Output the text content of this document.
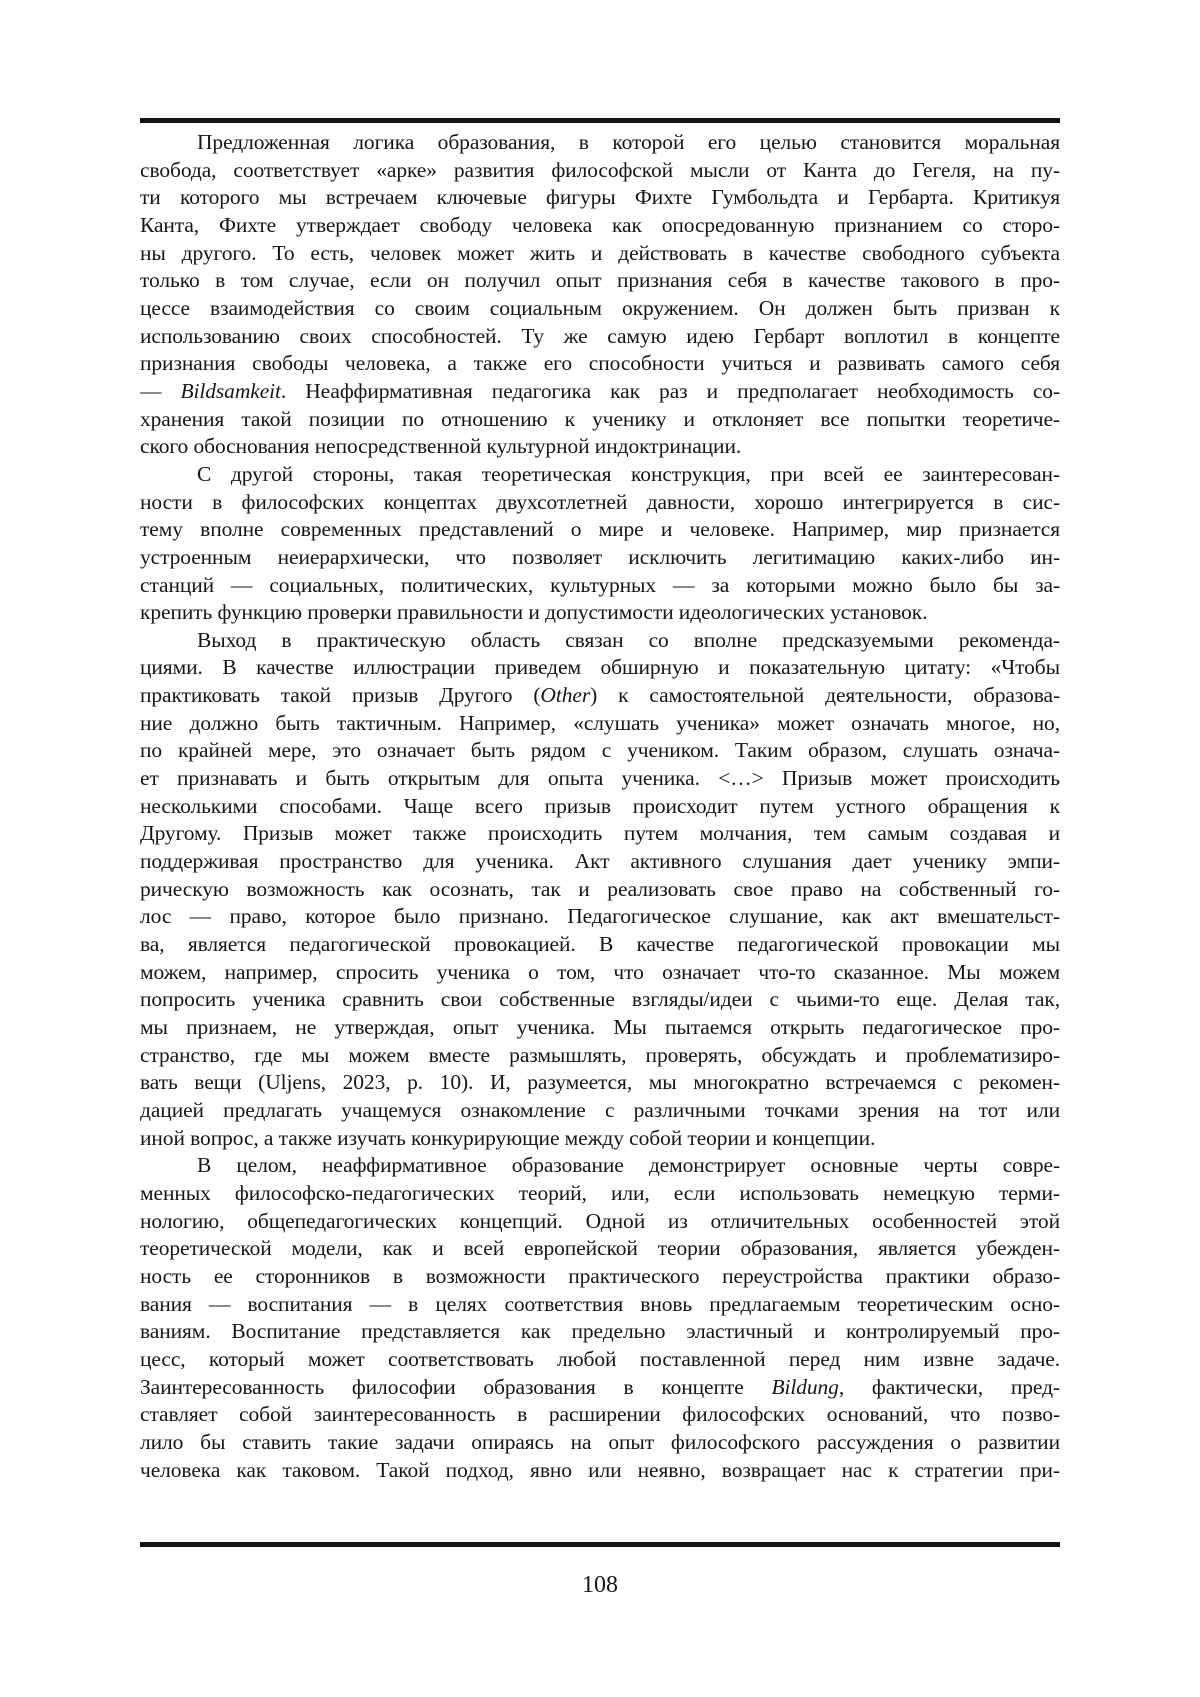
Предложенная логика образования, в которой его целью становится моральная
свобода, соответствует «арке» развития философской мысли от Канта до Гегеля, на пу-
ти которого мы встречаем ключевые фигуры Фихте Гумбольдта и Гербарта. Критикуя
Канта, Фихте утверждает свободу человека как опосредованную признанием со сторо-
ны другого. То есть, человек может жить и действовать в качестве свободного субъекта
только в том случае, если он получил опыт признания себя в качестве такового в про-
цессе взаимодействия со своим социальным окружением. Он должен быть призван к
использованию своих способностей. Ту же самую идею Гербарт воплотил в концепте
признания свободы человека, а также его способности учиться и развивать самого себя
— Bildsamkeit. Неаффирмативная педагогика как раз и предполагает необходимость со-
хранения такой позиции по отношению к ученику и отклоняет все попытки теоретиче-
ского обоснования непосредственной культурной индоктринации.

С другой стороны, такая теоретическая конструкция, при всей ее заинтересован-
ности в философских концептах двухсотлетней давности, хорошо интегрируется в сис-
тему вполне современных представлений о мире и человеке. Например, мир признается
устроенным неиерархически, что позволяет исключить легитимацию каких-либо ин-
станций — социальных, политических, культурных — за которыми можно было бы за-
крепить функцию проверки правильности и допустимости идеологических установок.

Выход в практическую область связан со вполне предсказуемыми рекоменда-
циями. В качестве иллюстрации приведем обширную и показательную цитату: «Чтобы
практиковать такой призыв Другого (Other) к самостоятельной деятельности, образова-
ние должно быть тактичным. Например, «слушать ученика» может означать многое, но,
по крайней мере, это означает быть рядом с учеником. Таким образом, слушать означа-
ет признавать и быть открытым для опыта ученика. <…> Призыв может происходить
несколькими способами. Чаще всего призыв происходит путем устного обращения к
Другому. Призыв может также происходить путем молчания, тем самым создавая и
поддерживая пространство для ученика. Акт активного слушания дает ученику эмпи-
рическую возможность как осознать, так и реализовать свое право на собственный го-
лос — право, которое было признано. Педагогическое слушание, как акт вмешательст-
ва, является педагогической провокацией. В качестве педагогической провокации мы
можем, например, спросить ученика о том, что означает что-то сказанное. Мы можем
попросить ученика сравнить свои собственные взгляды/идеи с чьими-то еще. Делая так,
мы признаем, не утверждая, опыт ученика. Мы пытаемся открыть педагогическое про-
странство, где мы можем вместе размышлять, проверять, обсуждать и проблематизиро-
вать вещи (Uljens, 2023, p. 10). И, разумеется, мы многократно встречаемся с рекомен-
дацией предлагать учащемуся ознакомление с различными точками зрения на тот или
иной вопрос, а также изучать конкурирующие между собой теории и концепции.

В целом, неаффирмативное образование демонстрирует основные черты совре-
менных философско-педагогических теорий, или, если использовать немецкую терми-
нологию, общепедагогических концепций. Одной из отличительных особенностей этой
теоретической модели, как и всей европейской теории образования, является убежден-
ность ее сторонников в возможности практического переустройства практики образо-
вания — воспитания — в целях соответствия вновь предлагаемым теоретическим осно-
ваниям. Воспитание представляется как предельно эластичный и контролируемый про-
цесс, который может соответствовать любой поставленной перед ним извне задаче.
Заинтересованность философии образования в концепте Bildung, фактически, пред-
ставляет собой заинтересованность в расширении философских оснований, что позво-
лило бы ставить такие задачи опираясь на опыт философского рассуждения о развитии
человека как таковом. Такой подход, явно или неявно, возвращает нас к стратегии при-

108
